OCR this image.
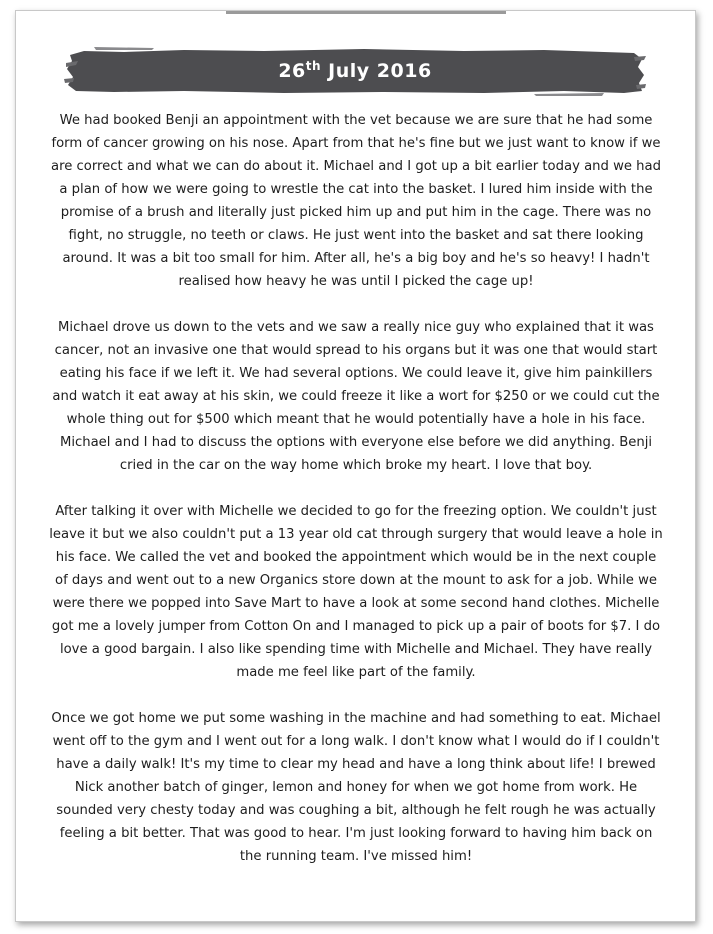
26th July 2016

We had booked Benji an appointment with the vet because we are sure that he had some form of cancer growing on his nose. Apart from that he's fine but we just want to know if we are correct and what we can do about it. Michael and I got up a bit earlier today and we had a plan of how we were going to wrestle the cat into the basket. I lured him inside with the promise of a brush and literally just picked him up and put him in the cage. There was no fight, no struggle, no teeth or claws. He just went into the basket and sat there looking around. It was a bit too small for him. After all, he's a big boy and he's so heavy! I hadn't realised how heavy he was until I picked the cage up!

Michael drove us down to the vets and we saw a really nice guy who explained that it was cancer, not an invasive one that would spread to his organs but it was one that would start eating his face if we left it. We had several options. We could leave it, give him painkillers and watch it eat away at his skin, we could freeze it like a wort for $250 or we could cut the whole thing out for $500 which meant that he would potentially have a hole in his face. Michael and I had to discuss the options with everyone else before we did anything. Benji cried in the car on the way home which broke my heart. I love that boy.

After talking it over with Michelle we decided to go for the freezing option. We couldn't just leave it but we also couldn't put a 13 year old cat through surgery that would leave a hole in his face. We called the vet and booked the appointment which would be in the next couple of days and went out to a new Organics store down at the mount to ask for a job. While we were there we popped into Save Mart to have a look at some second hand clothes. Michelle got me a lovely jumper from Cotton On and I managed to pick up a pair of boots for $7. I do love a good bargain. I also like spending time with Michelle and Michael. They have really made me feel like part of the family.

Once we got home we put some washing in the machine and had something to eat. Michael went off to the gym and I went out for a long walk. I don't know what I would do if I couldn't have a daily walk! It's my time to clear my head and have a long think about life! I brewed Nick another batch of ginger, lemon and honey for when we got home from work. He sounded very chesty today and was coughing a bit, although he felt rough he was actually feeling a bit better. That was good to hear. I'm just looking forward to having him back on the running team. I've missed him!
